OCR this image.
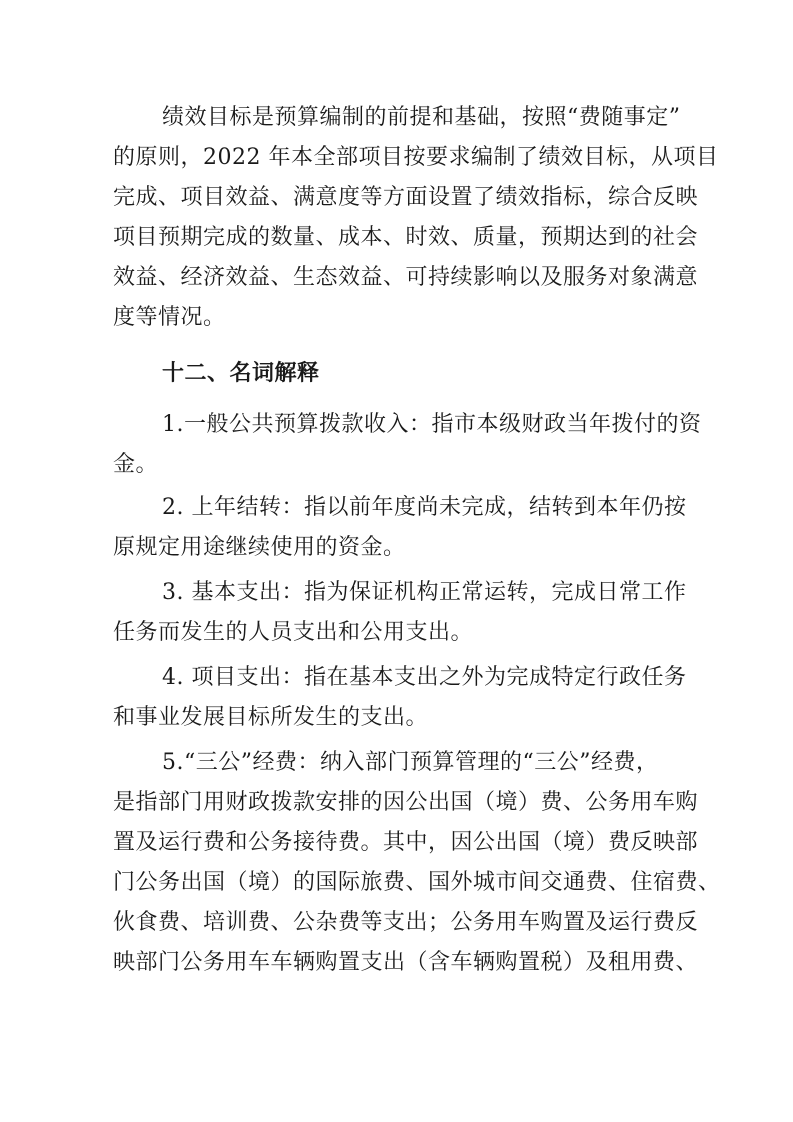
绩效目标是预算编制的前提和基础，按照“费随事定”
的原则，2022 年本全部项目按要求编制了绩效目标，从项目
完成、项目效益、满意度等方面设置了绩效指标，综合反映
项目预期完成的数量、成本、时效、质量，预期达到的社会
效益、经济效益、生态效益、可持续影响以及服务对象满意
度等情况。
十二、名词解释
1.一般公共预算拨款收入：指市本级财政当年拨付的资
金。
2. 上年结转：指以前年度尚未完成，结转到本年仍按
原规定用途继续使用的资金。
3. 基本支出：指为保证机构正常运转，完成日常工作
任务而发生的人员支出和公用支出。
4. 项目支出：指在基本支出之外为完成特定行政任务
和事业发展目标所发生的支出。
5.“三公”经费：纳入部门预算管理的“三公”经费，
是指部门用财政拨款安排的因公出国（境）费、公务用车购
置及运行费和公务接待费。其中，因公出国（境）费反映部
门公务出国（境）的国际旅费、国外城市间交通费、住宿费、
伙食费、培训费、公杂费等支出；公务用车购置及运行费反
映部门公务用车车辆购置支出（含车辆购置税）及租用费、
